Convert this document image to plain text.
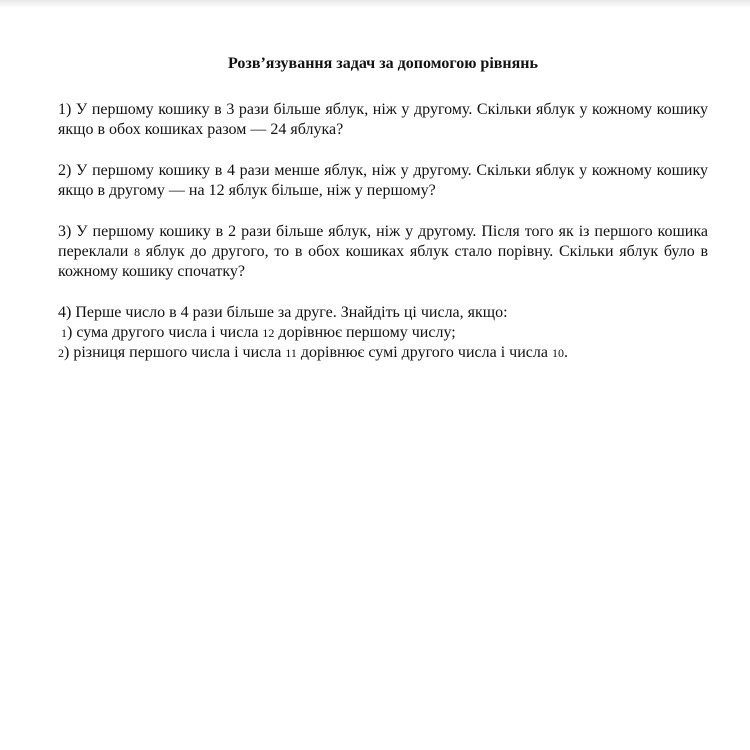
Розв’язування задач за допомогою рівнянь
1) У першому кошику в 3 рази більше яблук, ніж у другому. Скільки яблук у кожному кошику якщо в обох кошиках разом — 24 яблука?
2) У першому кошику в 4 рази менше яблук, ніж у другому. Скільки яблук у кожному кошику якщо в другому — на 12 яблук більше, ніж у першому?
3) У першому кошику в 2 рази більше яблук, ніж у другому. Після того як із першого кошика переклали 8 яблук до другого, то в обох кошиках яблук стало порівну. Скільки яблук було в кожному кошику спочатку?
4) Перше число в 4 рази більше за друге. Знайдіть ці числа, якщо:
1) сума другого числа і числа 12 дорівнює першому числу;
2) різниця першого числа і числа 11 дорівнює сумі другого числа і числа 10.
